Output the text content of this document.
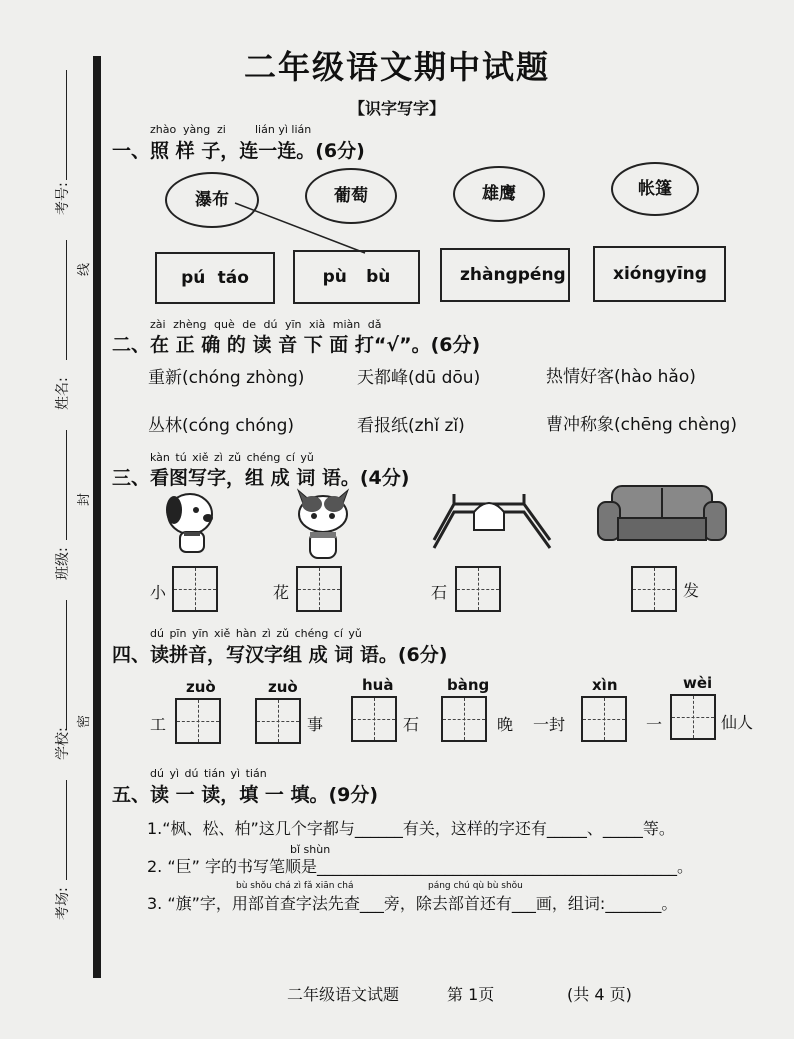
考号:
线
姓名:
封
班级:
密
学校:
考场:
二年级语文期中试题
【识字写字】
zhào yàng zi	lián yì lián
一、照 样 子，连一连。(6分)
瀑布	葡萄	雄鹰	帐篷
pú táo	pù bù	zhàng péng	xióng yīng
zài zhèng què de dú yīn xià miàn dǎ
二、在 正 确 的 读 音 下 面 打“√”。(6分)
重新(chóng zhòng)	天都峰(dū dōu)	热情好客(hào hǎo)
丛林(cóng chóng)	看报纸(zhǐ zǐ)	曹冲称象(chēng chèng)
kàn tú xiě zì zǔ chéng cí yǔ
三、看图写字，组 成 词 语。(4分)
小	花	石	发
dú pīn yīn xiě hàn zì zǔ chéng cí yǔ
四、读拼音，写汉字组 成 词 语。(6分)
zuò	zuò	huà	bàng	xìn	wèi
工	事	石	晚 一封	一	仙人
dú yì dú tián yì tián
五、读 一 读，填 一 填。(9分)
1.“枫、松、柏”这几个字都与______有关，这样的字还有_____、_____等。
bǐ shùn
2. “巨” 字的书写笔顺是_____________________________________________。
bù shǒu chá zì fǎ xiān chá	páng chú qù bù shǒu
3. “旗”字，用部首查字法先查___旁，除去部首还有___画，组词:_______。
二年级语文试题	第 1页	(共 4 页)
